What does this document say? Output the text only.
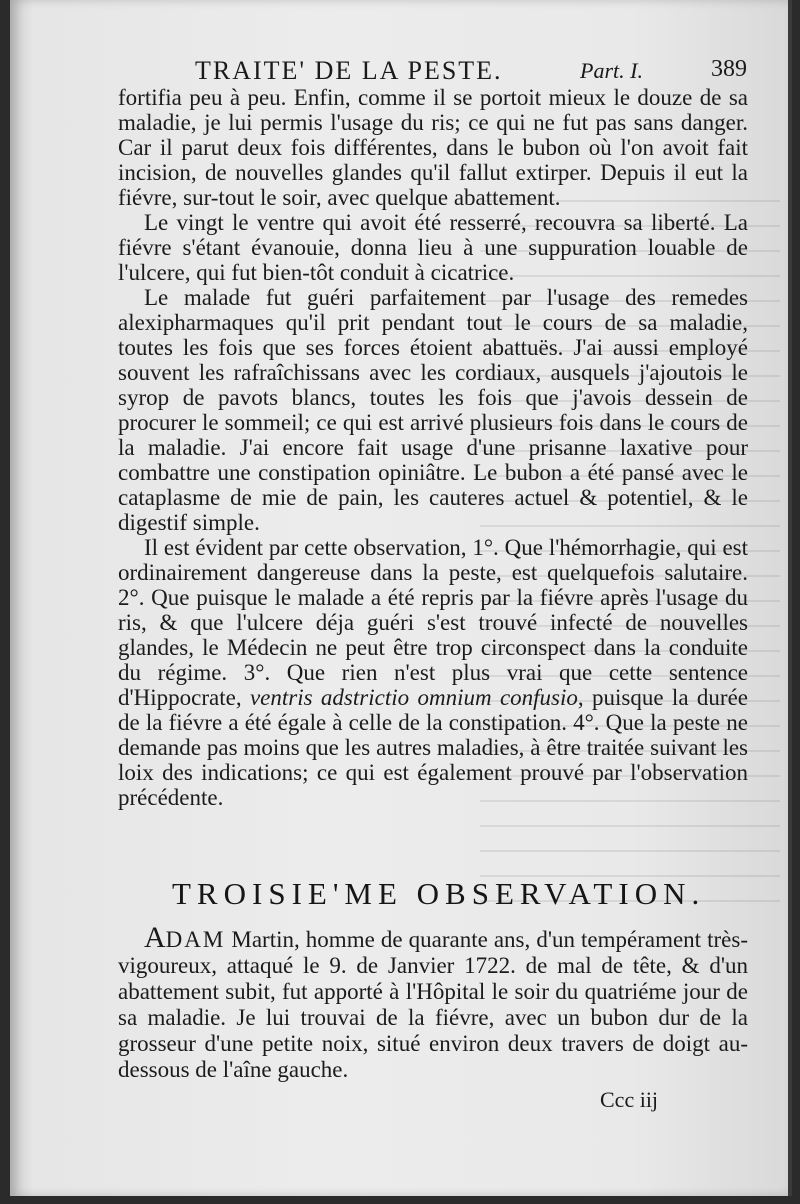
TRAITE' DE LA PESTE.	Part. I.	389

fortifia peu à peu. Enfin, comme il se portoit mieux le douze de sa maladie, je lui permis l'usage du ris; ce qui ne fut pas sans danger. Car il parut deux fois différentes, dans le bubon où l'on avoit fait incision, de nouvelles glandes qu'il fallut extirper. Depuis il eut la fiévre, sur-tout le soir, avec quelque abattement.

Le vingt le ventre qui avoit été resserré, recouvra sa liberté. La fiévre s'étant évanouie, donna lieu à une suppuration louable de l'ulcere, qui fut bien-tôt conduit à cicatrice.

Le malade fut guéri parfaitement par l'usage des remedes alexipharmaques qu'il prit pendant tout le cours de sa maladie, toutes les fois que ses forces étoient abattuës. J'ai aussi employé souvent les rafraîchissans avec les cordiaux, ausquels j'ajoutois le syrop de pavots blancs, toutes les fois que j'avois dessein de procurer le sommeil; ce qui est arrivé plusieurs fois dans le cours de la maladie. J'ai encore fait usage d'une prisanne laxative pour combattre une constipation opiniâtre. Le bubon a été pansé avec le cataplasme de mie de pain, les cauteres actuel & potentiel, & le digestif simple.

Il est évident par cette observation, 1°. Que l'hémorrhagie, qui est ordinairement dangereuse dans la peste, est quelquefois salutaire. 2°. Que puisque le malade a été repris par la fiévre après l'usage du ris, & que l'ulcere déja guéri s'est trouvé infecté de nouvelles glandes, le Médecin ne peut être trop circonspect dans la conduite du régime. 3°. Que rien n'est plus vrai que cette sentence d'Hippocrate, ventris adstrictio omnium confusio, puisque la durée de la fiévre a été égale à celle de la constipation. 4°. Que la peste ne demande pas moins que les autres maladies, à être traitée suivant les loix des indications; ce qui est également prouvé par l'observation précédente.

TROISIE'ME OBSERVATION.

ADAM Martin, homme de quarante ans, d'un tempérament très-vigoureux, attaqué le 9. de Janvier 1722. de mal de tête, & d'un abattement subit, fut apporté à l'Hôpital le soir du quatriéme jour de sa maladie. Je lui trouvai de la fiévre, avec un bubon dur de la grosseur d'une petite noix, situé environ deux travers de doigt au-dessous de l'aîne gauche.

Ccc iij
